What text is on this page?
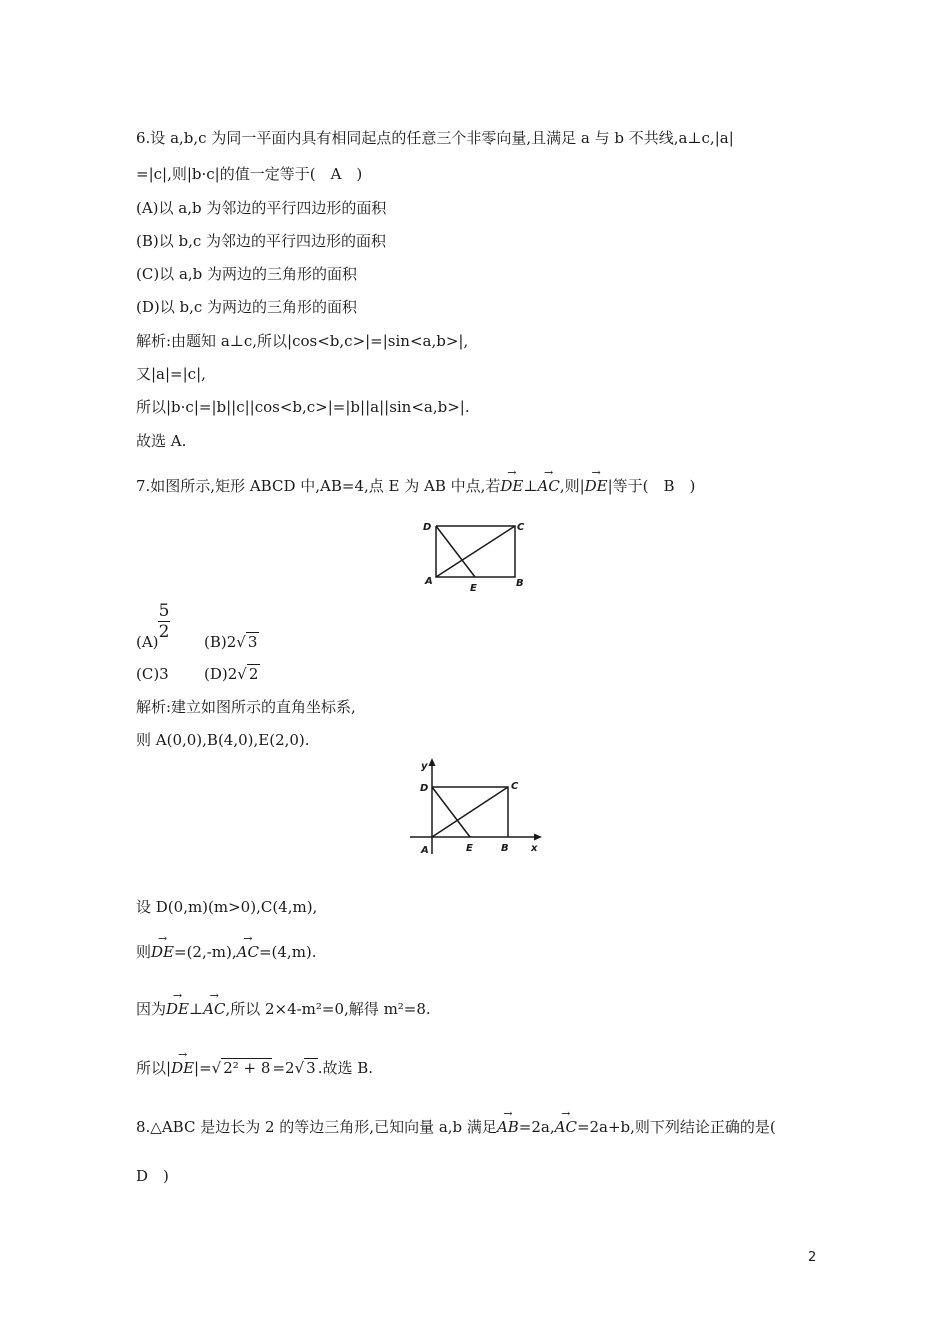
6.设 a,b,c 为同一平面内具有相同起点的任意三个非零向量,且满足 a 与 b 不共线,a⊥c,|a|
=|c|,则|b·c|的值一定等于(　A　)
(A)以 a,b 为邻边的平行四边形的面积
(B)以 b,c 为邻边的平行四边形的面积
(C)以 a,b 为两边的三角形的面积
(D)以 b,c 为两边的三角形的面积
解析:由题知 a⊥c,所以|cos<b,c>|=|sin<a,b>|,
又|a|=|c|,
所以|b·c|=|b||c||cos<b,c>|=|b||a||sin<a,b>|.
故选 A.
7.如图所示,矩形 ABCD 中,AB=4,点 E 为 AB 中点,若→ DE⊥→ AC,则|→ DE|等于(　B　)
D	C
A
E	B
5
2
(A)	(B)2√ 3
(C)3 (D)2√ 2
解析:建立如图所示的直角坐标系,
则 A(0,0),B(4,0),E(2,0).
y
D	C
A	E	B x
设 D(0,m)(m>0),C(4,m),
则→ DE=(2,-m),→ AC=(4,m).
因为→ DE⊥→ AC,所以 2×4-m²=0,解得 m²=8.
所以|→ DE|=√ 2² + 8 =2√ 3 .故选 B.
8.△ABC 是边长为 2 的等边三角形,已知向量 a,b 满足→ AB=2a,→ AC=2a+b,则下列结论正确的是(
D　)
2
